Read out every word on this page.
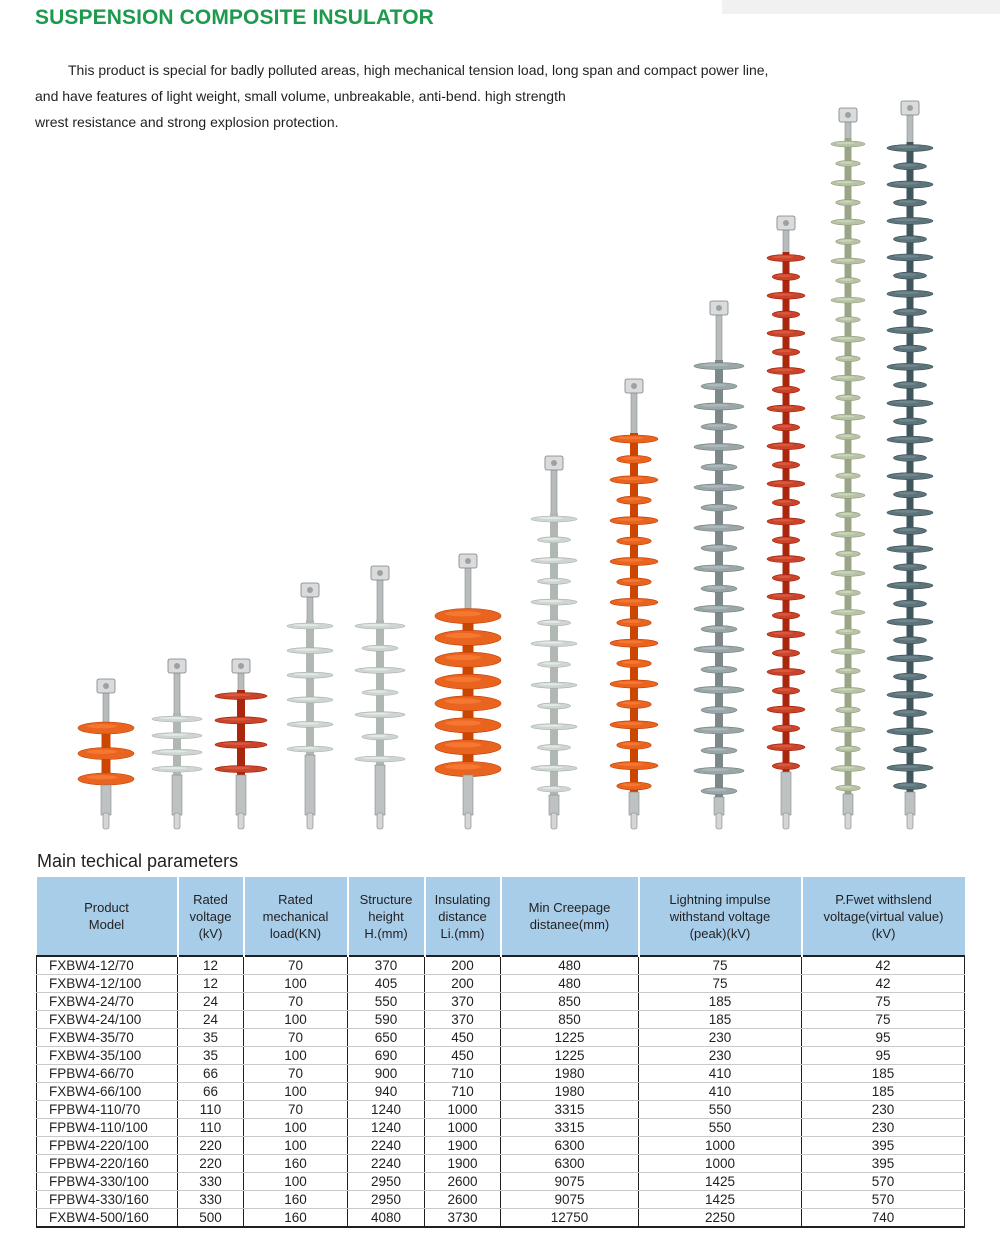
SUSPENSION COMPOSITE INSULATOR
This product is special for badly polluted areas, high mechanical tension load, long span and compact power line,
and have features of light weight, small volume, unbreakable, anti-bend. high strength
wrest resistance and strong explosion protection.
Main techical parameters
Product
Model	Rated
voltage
(kV)	Rated
mechanical
load(KN)	Structure
height
H.(mm)	Insulating
distance
Li.(mm)	Min Creepage
distanee(mm)	Lightning impulse
withstand voltage
(peak)(kV)	P.Fwet withslend
voltage(virtual value)
(kV)
FXBW4-12/70	12	70	370	200	480	75	42
FXBW4-12/100	12	100	405	200	480	75	42
FXBW4-24/70	24	70	550	370	850	185	75
FXBW4-24/100	24	100	590	370	850	185	75
FXBW4-35/70	35	70	650	450	1225	230	95
FXBW4-35/100	35	100	690	450	1225	230	95
FPBW4-66/70	66	70	900	710	1980	410	185
FXBW4-66/100	66	100	940	710	1980	410	185
FPBW4-110/70	110	70	1240	1000	3315	550	230
FPBW4-110/100	110	100	1240	1000	3315	550	230
FPBW4-220/100	220	100	2240	1900	6300	1000	395
FPBW4-220/160	220	160	2240	1900	6300	1000	395
FPBW4-330/100	330	100	2950	2600	9075	1425	570
FPBW4-330/160	330	160	2950	2600	9075	1425	570
FXBW4-500/160	500	160	4080	3730	12750	2250	740
